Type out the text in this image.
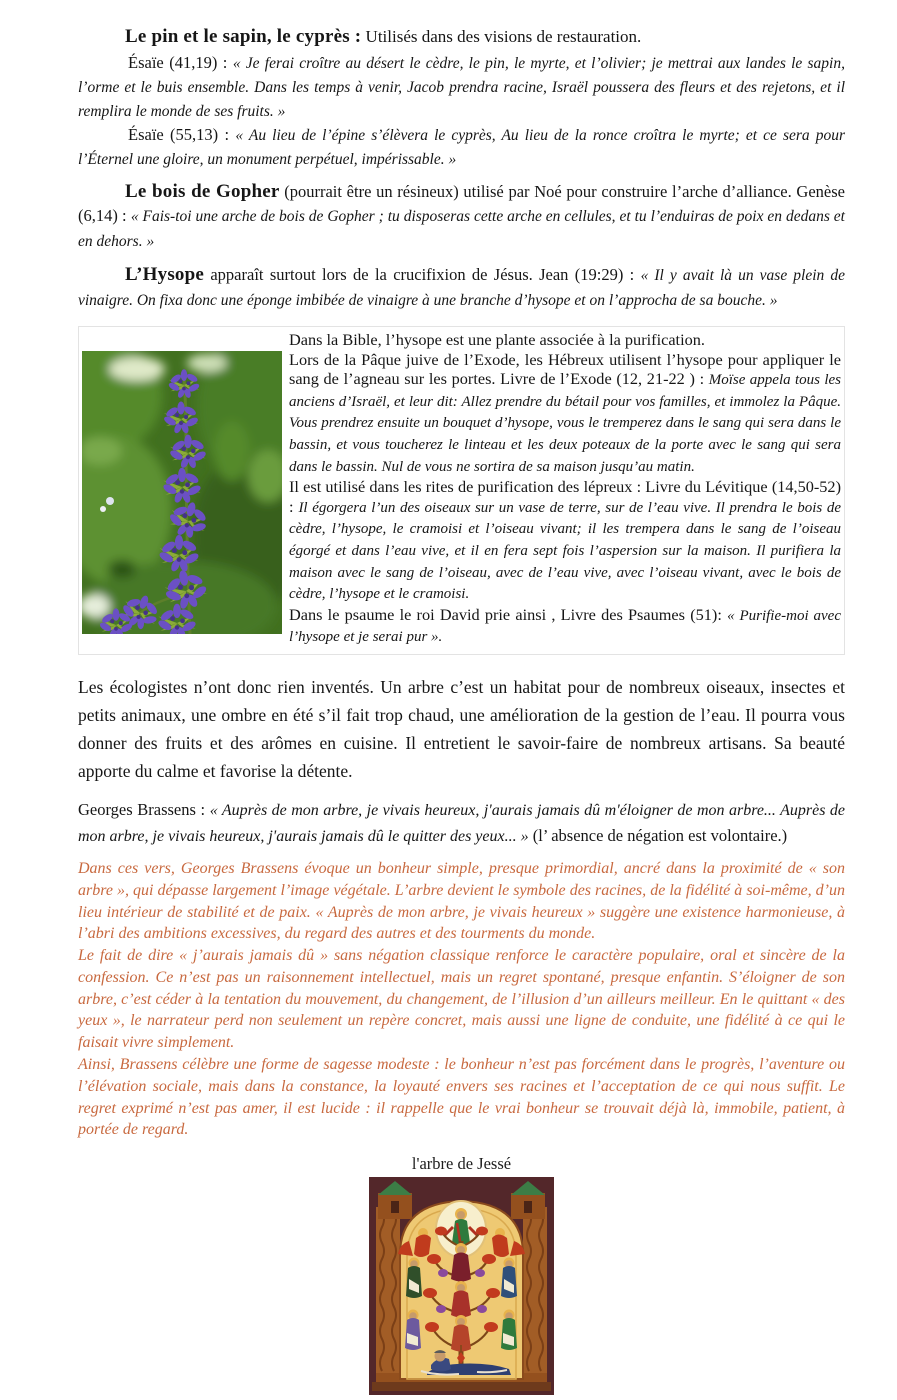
Le pin et le sapin, le cyprès : Utilisés dans des visions de restauration.

Ésaïe (41,19) : « Je ferai croître au désert le cèdre, le pin, le myrte, et l’olivier; je mettrai aux landes le sapin, l’orme et le buis ensemble. Dans les temps à venir, Jacob prendra racine, Israël poussera des fleurs et des rejetons, et il remplira le monde de ses fruits. »

Ésaïe (55,13) : « Au lieu de l’épine s’élèvera le cyprès, Au lieu de la ronce croîtra le myrte; et ce sera pour l’Éternel une gloire, un monument perpétuel, impérissable. »

Le bois de Gopher (pourrait être un résineux) utilisé par Noé pour construire l’arche d’alliance. Genèse (6,14) : « Fais-toi une arche de bois de Gopher ; tu disposeras cette arche en cellules, et tu l’enduiras de poix en dedans et en dehors. »

L’Hysope apparaît surtout lors de la crucifixion de Jésus. Jean (19:29) : « Il y avait là un vase plein de vinaigre. On fixa donc une éponge imbibée de vinaigre à une branche d’hysope et on l’approcha de sa bouche. »

Dans la Bible, l’hysope est une plante associée à la purification.

Lors de la Pâque juive de l’Exode, les Hébreux utilisent l’hysope pour appliquer le sang de l’agneau sur les portes. Livre de l’Exode (12, 21-22 ) : Moïse appela tous les anciens d’Israël, et leur dit: Allez prendre du bétail pour vos familles, et immolez la Pâque. Vous prendrez ensuite un bouquet d’hysope, vous le tremperez dans le sang qui sera dans le bassin, et vous toucherez le linteau et les deux poteaux de la porte avec le sang qui sera dans le bassin. Nul de vous ne sortira de sa maison jusqu’au matin.

Il est utilisé dans les rites de purification des lépreux : Livre du Lévitique (14,50-52) : Il égorgera l’un des oiseaux sur un vase de terre, sur de l’eau vive. Il prendra le bois de cèdre, l’hysope, le cramoisi et l’oiseau vivant; il les trempera dans le sang de l’oiseau égorgé et dans l’eau vive, et il en fera sept fois l’aspersion sur la maison. Il purifiera la maison avec le sang de l’oiseau, avec de l’eau vive, avec l’oiseau vivant, avec le bois de cèdre, l’hysope et le cramoisi.

Dans le psaume le roi David prie ainsi , Livre des Psaumes (51): « Purifie-moi avec l’hysope et je serai pur ».

Les écologistes n’ont donc rien inventés. Un arbre c’est un habitat pour de nombreux oiseaux, insectes et petits animaux, une ombre en été s’il fait trop chaud, une amélioration de la gestion de l’eau. Il pourra vous donner des fruits et des arômes en cuisine. Il entretient le savoir-faire de nombreux artisans. Sa beauté apporte du calme et favorise la détente.

Georges Brassens : « Auprès de mon arbre, je vivais heureux, j'aurais jamais dû m'éloigner de mon arbre... Auprès de mon arbre, je vivais heureux, j'aurais jamais dû le quitter des yeux... » (l’ absence de négation est volontaire.)

Dans ces vers, Georges Brassens évoque un bonheur simple, presque primordial, ancré dans la proximité de « son arbre », qui dépasse largement l’image végétale. L’arbre devient le symbole des racines, de la fidélité à soi-même, d’un lieu intérieur de stabilité et de paix. « Auprès de mon arbre, je vivais heureux » suggère une existence harmonieuse, à l’abri des ambitions excessives, du regard des autres et des tourments du monde.

Le fait de dire « j’aurais jamais dû » sans négation classique renforce le caractère populaire, oral et sincère de la confession. Ce n’est pas un raisonnement intellectuel, mais un regret spontané, presque enfantin. S’éloigner de son arbre, c’est céder à la tentation du mouvement, du changement, de l’illusion d’un ailleurs meilleur. En le quittant « des yeux », le narrateur perd non seulement un repère concret, mais aussi une ligne de conduite, une fidélité à ce qui le faisait vivre simplement.

Ainsi, Brassens célèbre une forme de sagesse modeste : le bonheur n’est pas forcément dans le progrès, l’aventure ou l’élévation sociale, mais dans la constance, la loyauté envers ses racines et l’acceptation de ce qui nous suffit. Le regret exprimé n’est pas amer, il est lucide : il rappelle que le vrai bonheur se trouvait déjà là, immobile, patient, à portée de regard.

l'arbre de Jessé
